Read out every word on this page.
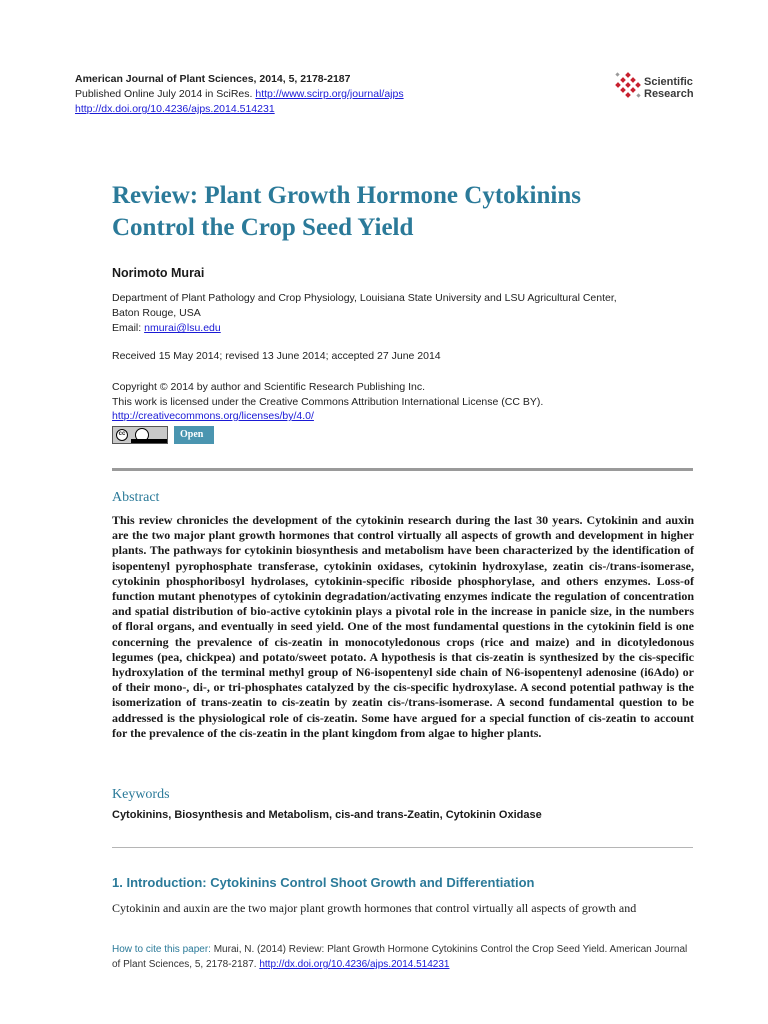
American Journal of Plant Sciences, 2014, 5, 2178-2187
Published Online July 2014 in SciRes. http://www.scirp.org/journal/ajps
http://dx.doi.org/10.4236/ajps.2014.514231
Scientific
Research
Review: Plant Growth Hormone Cytokinins
Control the Crop Seed Yield
Norimoto Murai
Department of Plant Pathology and Crop Physiology, Louisiana State University and LSU Agricultural Center,
Baton Rouge, USA
Email: nmurai@lsu.edu
Received 15 May 2014; revised 13 June 2014; accepted 27 June 2014
Copyright © 2014 by author and Scientific Research Publishing Inc.
This work is licensed under the Creative Commons Attribution International License (CC BY).
http://creativecommons.org/licenses/by/4.0/
cc	Open Access
Abstract
This review chronicles the development of the cytokinin research during the last 30 years. Cytokinin and auxin are the two major plant growth hormones that control virtually all aspects of growth and development in higher plants. The pathways for cytokinin biosynthesis and metabolism have been characterized by the identification of isopentenyl pyrophosphate transferase, cytokinin oxidases, cytokinin hydroxylase, zeatin cis-/trans-isomerase, cytokinin phosphoribosyl hydrolases, cytokinin-specific riboside phosphorylase, and others enzymes. Loss-of function mutant phenotypes of cytokinin degradation/activating enzymes indicate the regulation of concentration and spatial distribution of bio-active cytokinin plays a pivotal role in the increase in panicle size, in the numbers of floral organs, and eventually in seed yield. One of the most fundamental questions in the cytokinin field is one concerning the prevalence of cis-zeatin in monocotyledonous crops (rice and maize) and in dicotyledonous legumes (pea, chickpea) and potato/sweet potato. A hypothesis is that cis-zeatin is synthesized by the cis-specific hydroxylation of the terminal methyl group of N6-isopentenyl side chain of N6-isopentenyl adenosine (i6Ado) or of their mono-, di-, or tri-phosphates catalyzed by the cis-specific hydroxylase. A second potential pathway is the isomerization of trans-zeatin to cis-zeatin by zeatin cis-/trans-isomerase. A second fundamental question to be addressed is the physiological role of cis-zeatin. Some have argued for a special function of cis-zeatin to account for the prevalence of the cis-zeatin in the plant kingdom from algae to higher plants.
Keywords
Cytokinins, Biosynthesis and Metabolism, cis-and trans-Zeatin, Cytokinin Oxidase
1. Introduction: Cytokinins Control Shoot Growth and Differentiation
Cytokinin and auxin are the two major plant growth hormones that control virtually all aspects of growth and
How to cite this paper: Murai, N. (2014) Review: Plant Growth Hormone Cytokinins Control the Crop Seed Yield. American Journal of Plant Sciences, 5, 2178-2187. http://dx.doi.org/10.4236/ajps.2014.514231
